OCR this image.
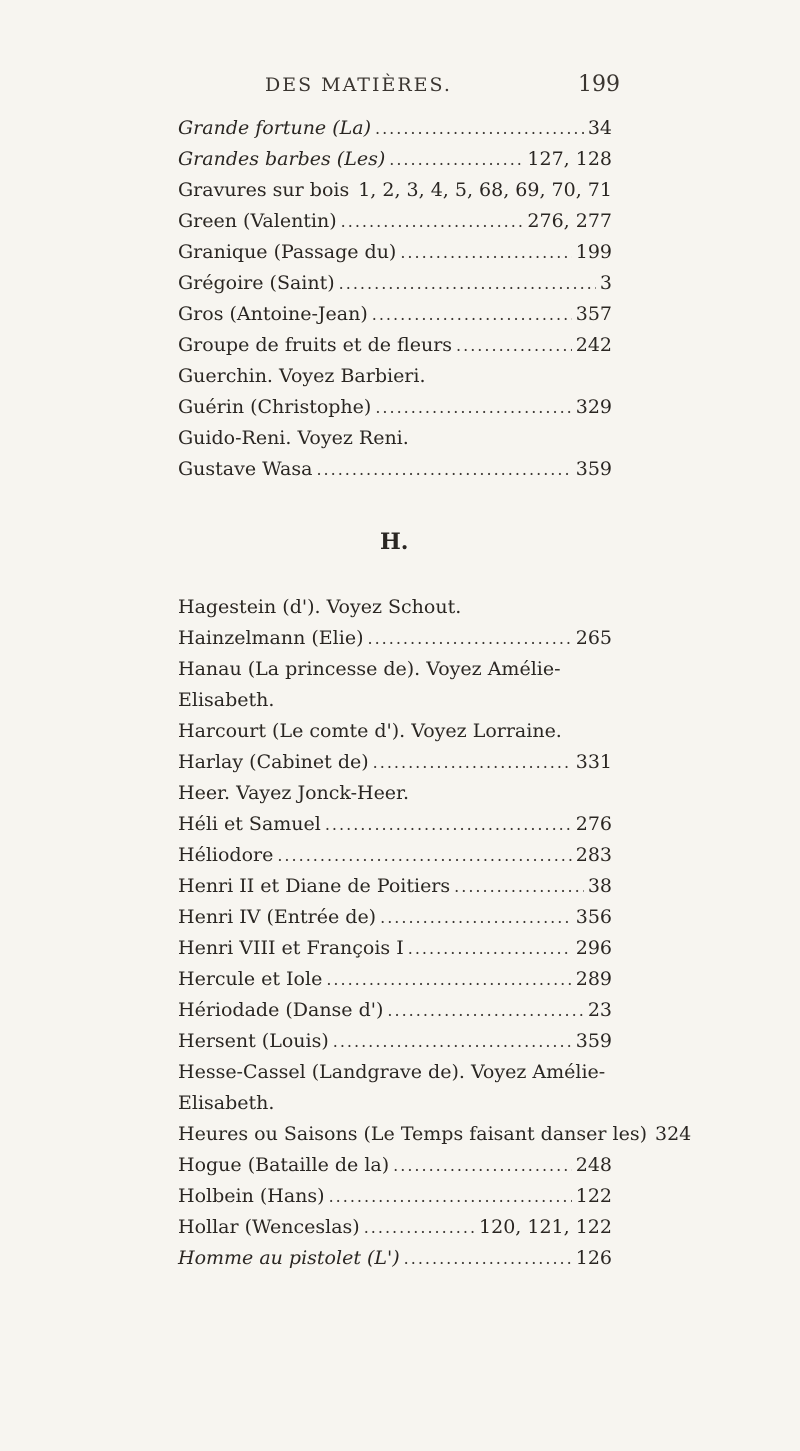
DES MATIÈRES.	199
Grande fortune (La) .....	34
Grandes barbes (Les) .....	127, 128
Gravures sur bois ..... 1, 2, 3, 4, 5, 68, 69, 70, 71
Green (Valentin) .....	276, 277
Granique (Passage du) .....	199
Grégoire (Saint) .....	3
Gros (Antoine-Jean) .....	357
Groupe de fruits et de fleurs .....	242
Guerchin. Voyez Barbieri.
Guérin (Christophe) .....	329
Guido-Reni. Voyez Reni.
Gustave Wasa .....	359
H.
Hagestein (d'). Voyez Schout.
Hainzelmann (Elie) .....	265
Hanau (La princesse de). Voyez Amélie-Elisabeth.
Harcourt (Le comte d'). Voyez Lorraine.
Harlay (Cabinet de) .....	331
Heer. Vayez Jonck-Heer.
Héli et Samuel .....	276
Héliodore .....	283
Henri II et Diane de Poitiers .....	38
Henri IV (Entrée de) .....	356
Henri VIII et François I .....	296
Hercule et Iole .....	289
Hériodade (Danse d') .....	23
Hersent (Louis) .....	359
Hesse-Cassel (Landgrave de). Voyez Amélie-Elisabeth.
Heures ou Saisons (Le Temps faisant danser les) 324
Hogue (Bataille de la) .....	248
Holbein (Hans) .....	122
Hollar (Wenceslas) .....	120, 121, 122
Homme au pistolet (L') .....	126
